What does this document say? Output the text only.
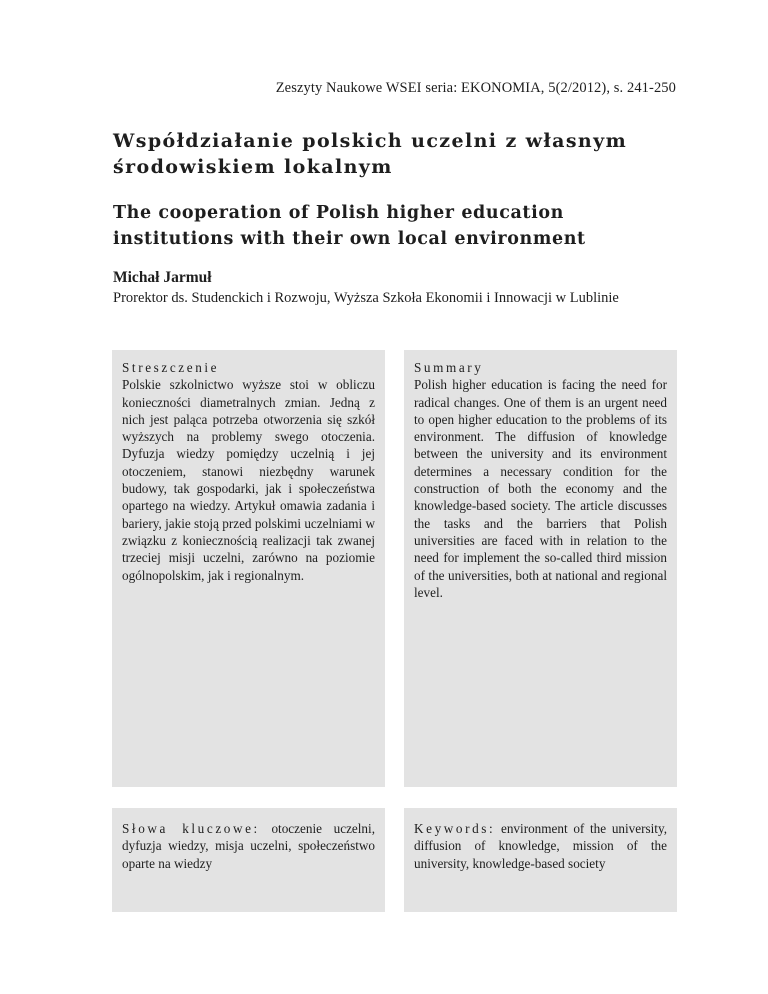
Zeszyty Naukowe WSEI seria: EKONOMIA, 5(2/2012), s. 241-250
Współdziałanie polskich uczelni z własnym środowiskiem lokalnym
The cooperation of Polish higher education institutions with their own local environment
Michał Jarmuł
Prorektor ds. Studenckich i Rozwoju, Wyższa Szkoła Ekonomii i Innowacji w Lublinie
Streszczenie

Polskie szkolnictwo wyższe stoi w obliczu konieczności diametralnych zmian. Jedną z nich jest paląca potrzeba otworzenia się szkół wyższych na problemy swego otoczenia. Dyfuzja wiedzy pomiędzy uczelnią i jej otoczeniem, stanowi niezbędny warunek budowy, tak gospodarki, jak i społeczeństwa opartego na wiedzy. Artykuł omawia zadania i bariery, jakie stoją przed polskimi uczelniami w związku z koniecznością realizacji tak zwanej trzeciej misji uczelni, zarówno na poziomie ogólnopolskim, jak i regionalnym.

Summary

Polish higher education is facing the need for radical changes. One of them is an urgent need to open higher education to the problems of its environment. The diffusion of knowledge between the university and its environment determines a necessary condition for the construction of both the economy and the knowledge-based society. The article discusses the tasks and the barriers that Polish universities are faced with in relation to the need for implement the so-called third mission of the universities, both at national and regional level.

Słowa kluczowe: otoczenie uczelni, dyfuzja wiedzy, misja uczelni, społeczeństwo oparte na wiedzy

Keywords: environment of the university, diffusion of knowledge, mission of the university, knowledge-based society
